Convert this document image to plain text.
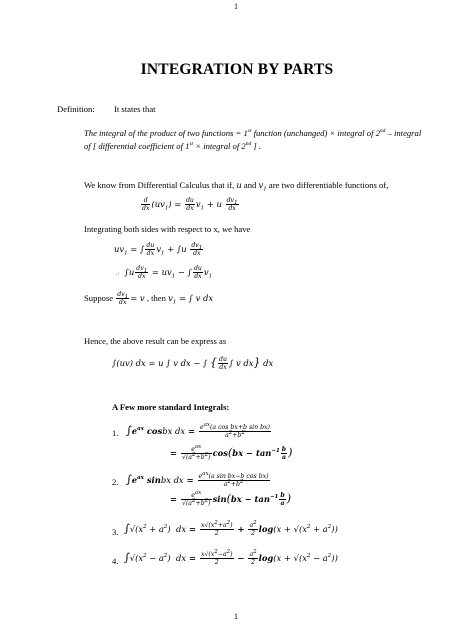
1
1
INTEGRATION BY PARTS
Definition: It states that
The integral of the product of two functions = 1st function (unchanged) × integral of 2nd – integral
of [ differential coefficient of 1st × integral of 2nd ] .
We know from Differential Calculus that if, u and $v_1$ are two differentiable functions of,
$\frac{d}{dx} (uv_1) = \frac{du}{dx} v_1 + u \frac{dv_1}{dx}$
Integrating both sides with respect to x, we have
$uv_1$ = ∫ $\frac{du}{dx} v_1 + \int u \frac{dv_1}{dx}$
∴  $\int u \frac{dv_1}{dx} = uv_1$ − ∫ $\frac{du}{dx} v_1$
Suppose $\frac{dv_1}{dx} = v$ , then $v_1$ = ∫ v dx
Hence, the above result can be express as
∫(uv) dx = u ∫ v dx − ∫ { $\frac{du}{dx}$ ∫ v dx} dx
A Few more standard Integrals:
1. $\int e^{ax}$ cosbx dx = $\frac{e^{ax}(a \cos bx+b \sin bx)}{a^2+b^2}$
= $\frac{e^{ax}}{√(a^2+b^2)} \cos(bx - \tan^{-1} \frac{b}{a}$ )
2. $\int e^{ax}$ sinbx dx = $\frac{e^{ax}(a \sin bx-b \cos bx)}{a^2+b^2}$
= $\frac{e^{ax}}{√(a^2+b^2)} \sin(bx - \tan^{-1} \frac{b}{a}$ )
3. $\int√(x^2 + a^2)$  dx = $\frac{x√(x^2+a^2)}{2} + \frac{a^2}{2} \log(x + √(x^2 + a^2))$
4. $\int√(x^2 - a^2)$  dx = $\frac{x√(x^2-a^2)}{2} - \frac{a^2}{2} \log(x + √(x^2 - a^2))$
